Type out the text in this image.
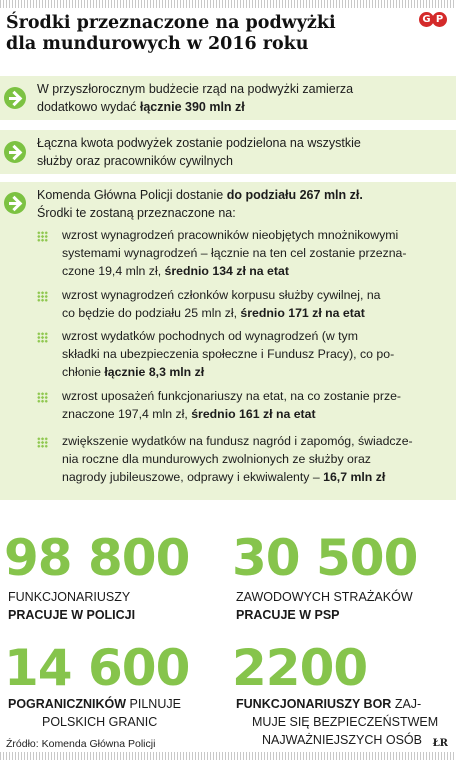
Środki przeznaczone na podwyżki
dla mundurowych w 2016 roku
G P
W przyszłorocznym budżecie rząd na podwyżki zamierza
dodatkowo wydać łącznie 390 mln zł
Łączna kwota podwyżek zostanie podzielona na wszystkie
służby oraz pracowników cywilnych
Komenda Główna Policji dostanie do podziału 267 mln zł.
Środki te zostaną przeznaczone na:
wzrost wynagrodzeń pracowników nieobjętych mnożnikowymi
systemami wynagrodzeń – łącznie na ten cel zostanie przezna-
czone 19,4 mln zł, średnio 134 zł na etat
wzrost wynagrodzeń członków korpusu służby cywilnej, na
co będzie do podziału 25 mln zł, średnio 171 zł na etat
wzrost wydatków pochodnych od wynagrodzeń (w tym
składki na ubezpieczenia społeczne i Fundusz Pracy), co po-
chłonie łącznie 8,3 mln zł
wzrost uposażeń funkcjonariuszy na etat, na co zostanie prze-
znaczone 197,4 mln zł, średnio 161 zł na etat
zwiększenie wydatków na fundusz nagród i zapomóg, świadcze-
nia roczne dla mundurowych zwolnionych ze służby oraz
nagrody jubileuszowe, odprawy i ekwiwalenty – 16,7 mln zł
98 800
FUNKCJONARIUSZY
PRACUJE W POLICJI
30 500
ZAWODOWYCH STRAŻAKÓW
PRACUJE W PSP
14 600
POGRANICZNIKÓW PILNUJE
POLSKICH GRANIC
2200
FUNKCJONARIUSZY BOR ZAJ-
MUJE SIĘ BEZPIECZEŃSTWEM
NAJWAŻNIEJSZYCH OSÓB
Źródło: Komenda Główna Policji	ŁR
